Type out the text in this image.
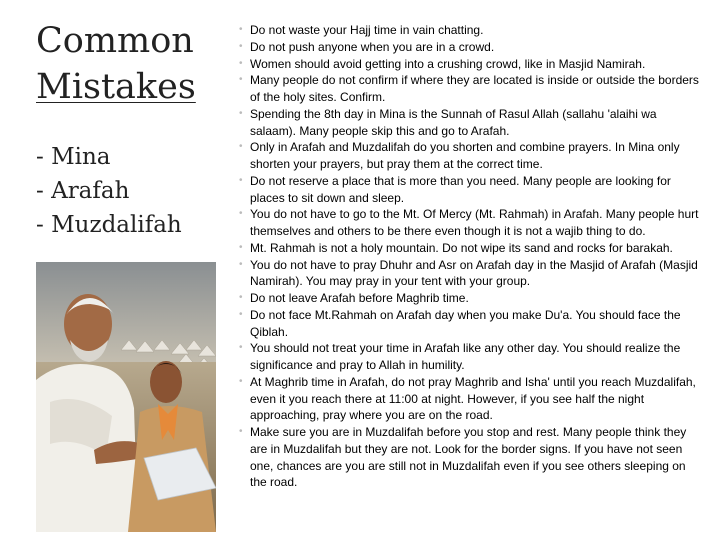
Common
Mistakes
- Mina
- Arafah
- Muzdalifah
• Do not waste your Hajj time in vain chatting.
• Do not push anyone when you are in a crowd.
• Women should avoid getting into a crushing crowd, like in Masjid Namirah.
• Many people do not confirm if where they are located is inside or outside the borders of the holy sites. Confirm.
• Spending the 8th day in Mina is the Sunnah of Rasul Allah (sallahu 'alaihi wa salaam). Many people skip this and go to Arafah.
• Only in Arafah and Muzdalifah do you shorten and combine prayers. In Mina only shorten your prayers, but pray them at the correct time.
• Do not reserve a place that is more than you need. Many people are looking for places to sit down and sleep.
• You do not have to go to the Mt. Of Mercy (Mt. Rahmah) in Arafah. Many people hurt themselves and others to be there even though it is not a wajib thing to do.
• Mt. Rahmah is not a holy mountain. Do not wipe its sand and rocks for barakah.
• You do not have to pray Dhuhr and Asr on Arafah day in the Masjid of Arafah (Masjid Namirah). You may pray in your tent with your group.
• Do not leave Arafah before Maghrib time.
• Do not face Mt.Rahmah on Arafah day when you make Du'a. You should face the Qiblah.
• You should not treat your time in Arafah like any other day. You should realize the significance and pray to Allah in humility.
• At Maghrib time in Arafah, do not pray Maghrib and Isha' until you reach Muzdalifah, even it you reach there at 11:00 at night. However, if you see half the night approaching, pray where you are on the road.
• Make sure you are in Muzdalifah before you stop and rest. Many people think they are in Muzdalifah but they are not. Look for the border signs. If you have not seen one, chances are you are still not in Muzdalifah even if you see others sleeping on the road.
